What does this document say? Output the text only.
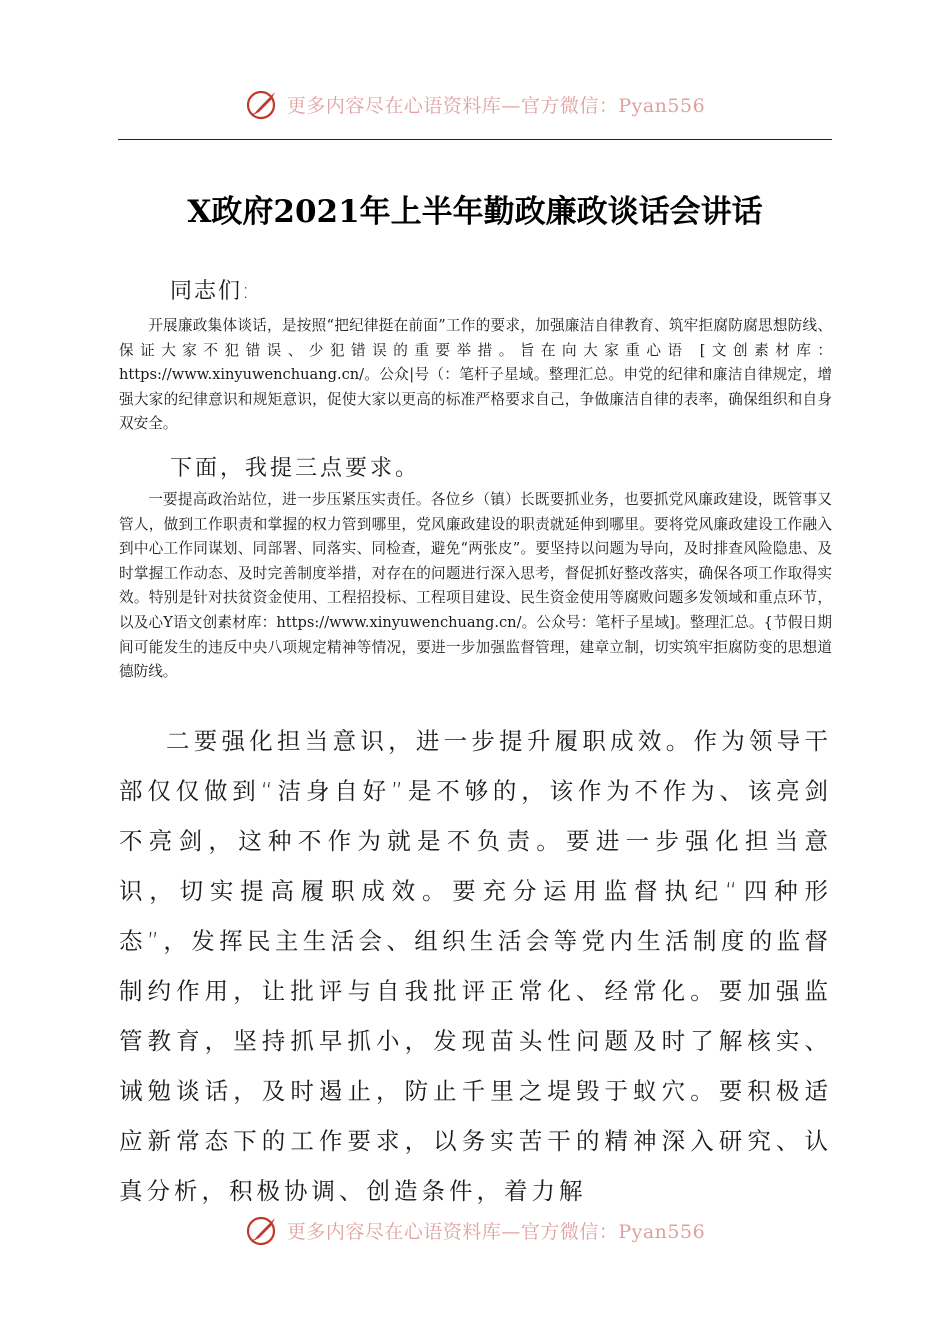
更多内容尽在心语资料库—官方微信：Pyan556
X政府2021年上半年勤政廉政谈话会讲话
同志们:
开展廉政集体谈话，是按照“把纪律挺在前面”工作的要求，加强廉洁自律教育、筑牢拒腐防腐思想防线、保证大家不犯错误、少犯错误的重要举措。旨在向大家重心语 [文创素材库：https://www.xinyuwenchuang.cn/。公众|号（：笔杆子星域。整理汇总。申党的纪律和廉洁自律规定，增强大家的纪律意识和规矩意识，促使大家以更高的标准严格要求自己，争做廉洁自律的表率，确保组织和自身双安全。
下面，我提三点要求。
一要提高政治站位，进一步压紧压实责任。各位乡（镇）长既要抓业务，也要抓党风廉政建设，既管事又管人，做到工作职责和掌握的权力管到哪里，党风廉政建设的职责就延伸到哪里。要将党风廉政建设工作融入到中心工作同谋划、同部署、同落实、同检查，避免“两张皮”。要坚持以问题为导向，及时排查风险隐患、及时掌握工作动态、及时完善制度举措，对存在的问题进行深入思考，督促抓好整改落实，确保各项工作取得实效。特别是针对扶贫资金使用、工程招投标、工程项目建设、民生资金使用等腐败问题多发领域和重点环节，以及心Y语文创素材库：https://www.xinyuwenchuang.cn/。公众号：笔杆子星域]。整理汇总。{节假日期间可能发生的违反中央八项规定精神等情况，要进一步加强监督管理，建章立制，切实筑牢拒腐防变的思想道德防线。
二要强化担当意识，进一步提升履职成效。作为领导干部仅仅做到“洁身自好”是不够的，该作为不作为、该亮剑不亮剑，这种不作为就是不负责。要进一步强化担当意识，切实提高履职成效。要充分运用监督执纪“四种形态”，发挥民主生活会、组织生活会等党内生活制度的监督制约作用，让批评与自我批评正常化、经常化。要加强监管教育，坚持抓早抓小，发现苗头性问题及时了解核实、诫勉谈话，及时遏止，防止千里之堤毁于蚁穴。要积极适应新常态下的工作要求，以务实苦干的精神深入研究、认真分析，积极协调、创造条件，着力解
更多内容尽在心语资料库—官方微信：Pyan556
